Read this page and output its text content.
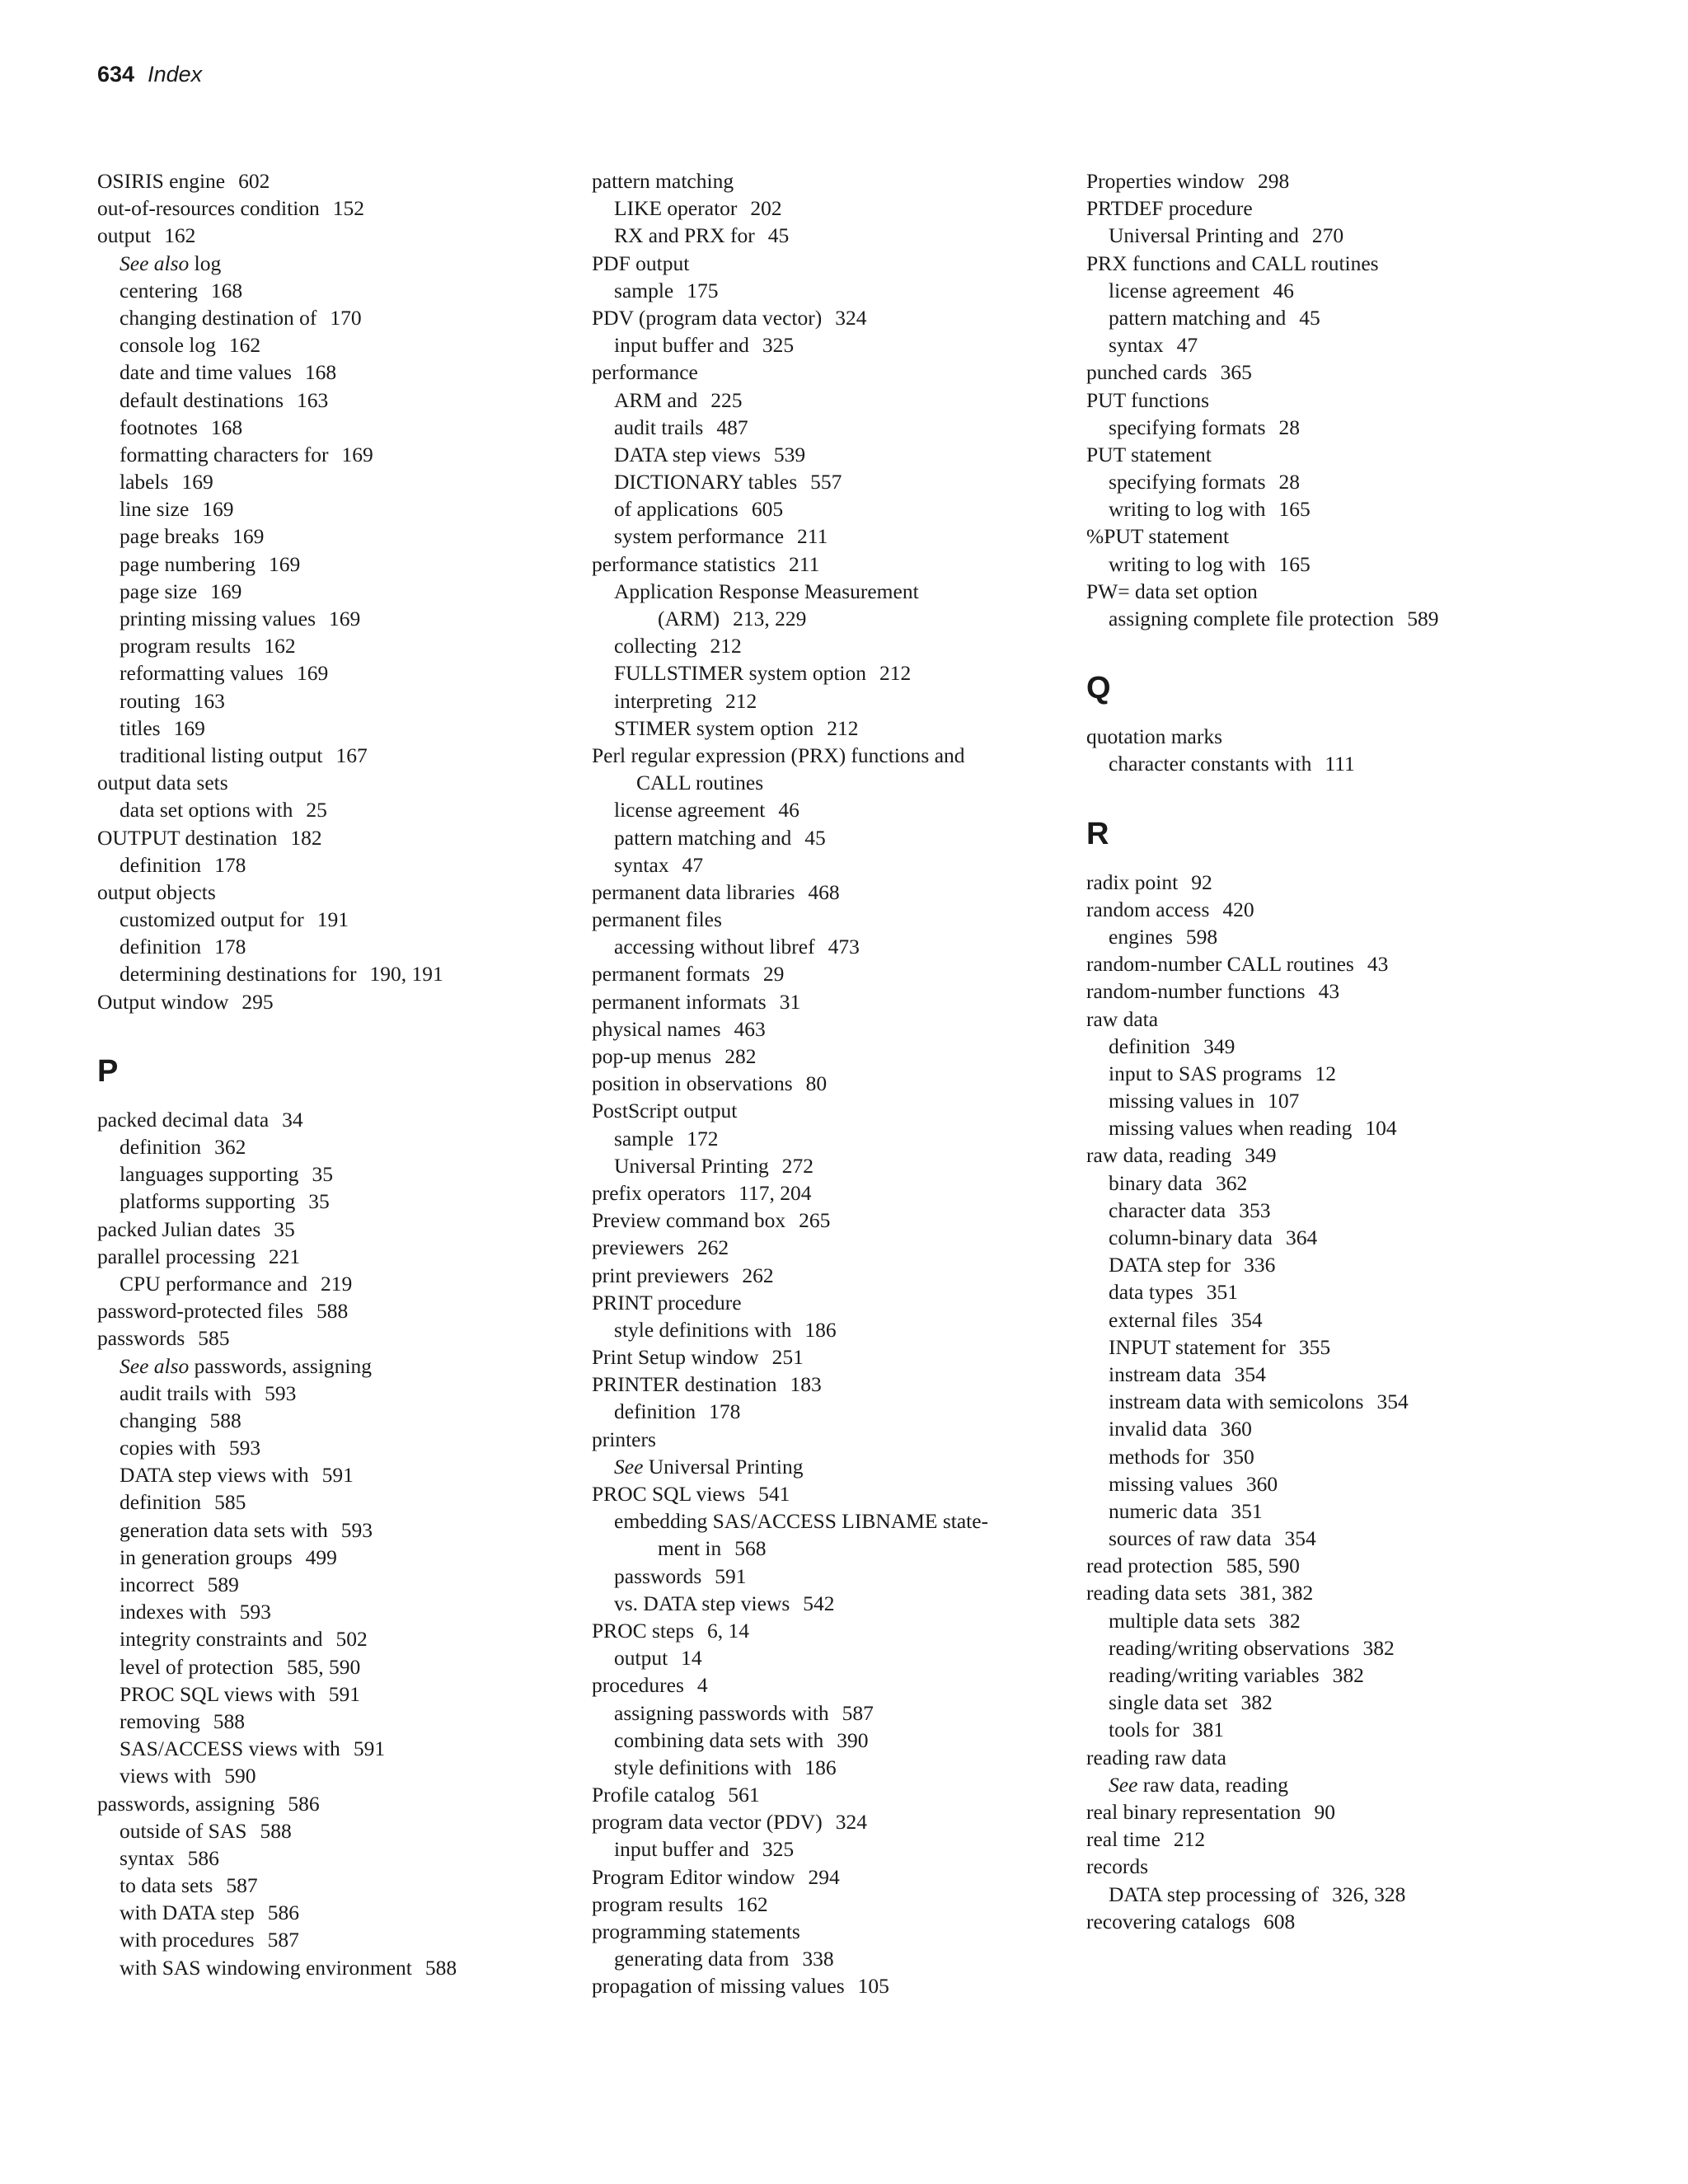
634 Index
OSIRIS engine 602
out-of-resources condition 152
output 162
See also log
centering 168
changing destination of 170
console log 162
date and time values 168
default destinations 163
footnotes 168
formatting characters for 169
labels 169
line size 169
page breaks 169
page numbering 169
page size 169
printing missing values 169
program results 162
reformatting values 169
routing 163
titles 169
traditional listing output 167
output data sets
data set options with 25
OUTPUT destination 182
definition 178
output objects
customized output for 191
definition 178
determining destinations for 190, 191
Output window 295
P
packed decimal data 34
definition 362
languages supporting 35
platforms supporting 35
packed Julian dates 35
parallel processing 221
CPU performance and 219
password-protected files 588
passwords 585
See also passwords, assigning
audit trails with 593
changing 588
copies with 593
DATA step views with 591
definition 585
generation data sets with 593
in generation groups 499
incorrect 589
indexes with 593
integrity constraints and 502
level of protection 585, 590
PROC SQL views with 591
removing 588
SAS/ACCESS views with 591
views with 590
passwords, assigning 586
outside of SAS 588
syntax 586
to data sets 587
with DATA step 586
with procedures 587
with SAS windowing environment 588
pattern matching
LIKE operator 202
RX and PRX for 45
PDF output
sample 175
PDV (program data vector) 324
input buffer and 325
performance
ARM and 225
audit trails 487
DATA step views 539
DICTIONARY tables 557
of applications 605
system performance 211
performance statistics 211
Application Response Measurement
(ARM) 213, 229
collecting 212
FULLSTIMER system option 212
interpreting 212
STIMER system option 212
Perl regular expression (PRX) functions and
CALL routines
license agreement 46
pattern matching and 45
syntax 47
permanent data libraries 468
permanent files
accessing without libref 473
permanent formats 29
permanent informats 31
physical names 463
pop-up menus 282
position in observations 80
PostScript output
sample 172
Universal Printing 272
prefix operators 117, 204
Preview command box 265
previewers 262
print previewers 262
PRINT procedure
style definitions with 186
Print Setup window 251
PRINTER destination 183
definition 178
printers
See Universal Printing
PROC SQL views 541
embedding SAS/ACCESS LIBNAME state-
ment in 568
passwords 591
vs. DATA step views 542
PROC steps 6, 14
output 14
procedures 4
assigning passwords with 587
combining data sets with 390
style definitions with 186
Profile catalog 561
program data vector (PDV) 324
input buffer and 325
Program Editor window 294
program results 162
programming statements
generating data from 338
propagation of missing values 105
Properties window 298
PRTDEF procedure
Universal Printing and 270
PRX functions and CALL routines
license agreement 46
pattern matching and 45
syntax 47
punched cards 365
PUT functions
specifying formats 28
PUT statement
specifying formats 28
writing to log with 165
%PUT statement
writing to log with 165
PW= data set option
assigning complete file protection 589
Q
quotation marks
character constants with 111
R
radix point 92
random access 420
engines 598
random-number CALL routines 43
random-number functions 43
raw data
definition 349
input to SAS programs 12
missing values in 107
missing values when reading 104
raw data, reading 349
binary data 362
character data 353
column-binary data 364
DATA step for 336
data types 351
external files 354
INPUT statement for 355
instream data 354
instream data with semicolons 354
invalid data 360
methods for 350
missing values 360
numeric data 351
sources of raw data 354
read protection 585, 590
reading data sets 381, 382
multiple data sets 382
reading/writing observations 382
reading/writing variables 382
single data set 382
tools for 381
reading raw data
See raw data, reading
real binary representation 90
real time 212
records
DATA step processing of 326, 328
recovering catalogs 608
